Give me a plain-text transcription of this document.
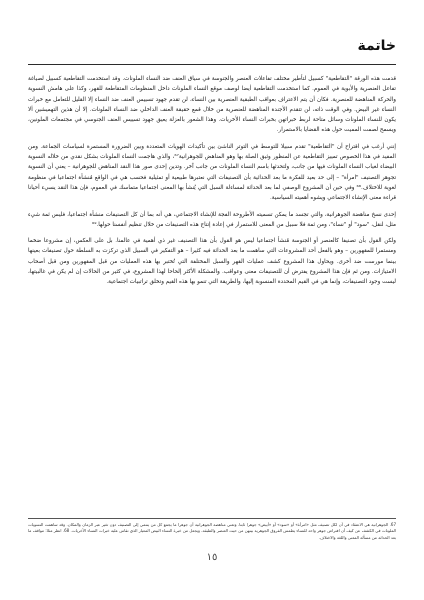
خاتمة

قدمت هذه الورقة "التقاطعية" كسبيل لتأطير مختلف تفاعلات العنصر والجنوسة في سياق العنف ضد النساء الملونات. وقد استخدمت التقاطعية كسبيل لصياغة تفاعل العنصرية والأبوية في العموم. كما استخدمت التقاطعية أيضا لوصف موقع النساء الملونات داخل المنظومات المتقاطعة للقهر، وكذا على هامش النسوية والحركة المناهضة للعنصرية. فكان أن يتم الاعتراف بعواقب الطبقية العنصرية بين النساء، لن تقدم جهود تسييس العنف ضد النساء إلا القليل للتعامل مع خبرات النساء غير البيض. وفي الوقت ذاته، لن تتقدم الأجندة المناهضة للعنصرية من خلال قمع حقيقة العنف الداخلي ضد النساء الملونات. إلا أن هذين التهميشين ألا يكون للنساء الملونات وسائل متاحة لربط خبراتهن بخبرات النساء الأخريات. وهذا الشعور بالعزلة يعيق جهود تسييس العنف الجنوسي في مجتمعات الملونين، ويسمح لصمت المميت حول هذه القضايا بالاستمرار.

إنني أرغب في اقتراح أن "التقاطعية" تقدم سبيلا للتوسط في التوتر الناشئ بين تأكيدات الهويات المتعددة وبين الضرورة المستمرة لسياسات الجماعة. ومن المفيد في هذا الخصوص تمييز التقاطعية عن المنظور وثيق الصلة بها وهو المناهض للجوهرانية⁶⁷، والذي هاجمت النساء الملونات بشكل نقدي من خلاله النسوية البيضاء لغياب النساء الملونات فيها من جانب، ولتحدثها باسم النساء الملونات من جانب آخر. وتدين إحدى صور هذا النقد المناهض للجوهرانية – يعني أن النسوية تجوهر التصنيف "امرأة" – إلى حد بعيد للفكرة ما بعد الحداثية بأن التصنيفات التي نعتبرها طبيعية أو تمثيلية فحسب هي في الواقع مُنشأة اجتماعيا في منظومة لغوية للاختلاف.⁶⁸ وفي حين أن المشروع الوصفي لما بعد الحداثة لمساءلة السبل التي يُنشأ بها المعنى اجتماعيا متماسك في العموم، فإن هذا النقد يسيء أحيانا قراءة معنى الإنشاء الاجتماعي ويشوه أهميته السياسية.

إحدى نسخ مناهضة الجوهرانية، والتي تجسد ما يمكن تسميته الأطروحة الفجة للإنشاء الاجتماعي، هي أنه بما أن كل التصنيفات منشأة اجتماعيا، فليس ثمة شيء مثل، لنقل، "سود" أو "نساء"، ومن ثمة فلا سبيل من المعنى للاستمرار في إعادة إنتاج هذه التصنيفات من خلال تنظيم أنفسنا حولها.⁶⁹

ولكن القول بأن تصنيفا كالعنصر أو الجنوسة مُنشأ اجتماعيا ليس هو القول بأن هذا التصنيف غير ذي أهمية في عالمنا. بل على العكس، إن مشروعا ضخما ومستمرا للمقهورين – وهو بالفعل أحد المشروعات التي ساهمت ما بعد الحداثة فيه كثيرا – هو التفكير في السبيل الذي تركزت به السلطة حول تصنيفات بعينها بينما مورست ضد أخرى. ويحاول هذا المشروع كشف عمليات القهر والسبل المختلفة التي تُختبر بها هذه العمليات من قبل المقهورين ومن قبل أصحاب الامتيازات. ومن ثم فإن هذا المشروع يفترض أن للتصنيفات معنى وعواقب. والمشكلة الأكثر إلحاحا لهذا المشروع، في كثير من الحالات إن لم يكن في غالبيتها، ليست وجود التصنيفات، وإنما هي في القيم المحددة المنسوبة إليها، والطريقة التي تنمو بها هذه القيم وتخلق تراتبيات اجتماعية.

67. الجوهرانية هي الاعتقاد في أن لكل تصنيف مثل «امرأة» أو «سود» أو «أبيض» جوهرا ثابتا. وتعني مناهضة الجوهرانية أن جوهرا ما يجمع كل من ينتمي إلى التصنيف دون تغير عبر الزمان والمكان. وقد ساهمت النسويات الملونات في الكشف عن كيف أن افتراض جوهر واحد للنساء يطمس الفروق الجوهرية بينهن من حيث العنصر والطبقة، ويجعل من خبرة النساء البيض المعيار الذي تقاس عليه خبرات النساء الأخريات. 68. انظر مثلا: مواقف ما بعد الحداثة من مسألة المعنى واللغة والاختلاف.
١٥
